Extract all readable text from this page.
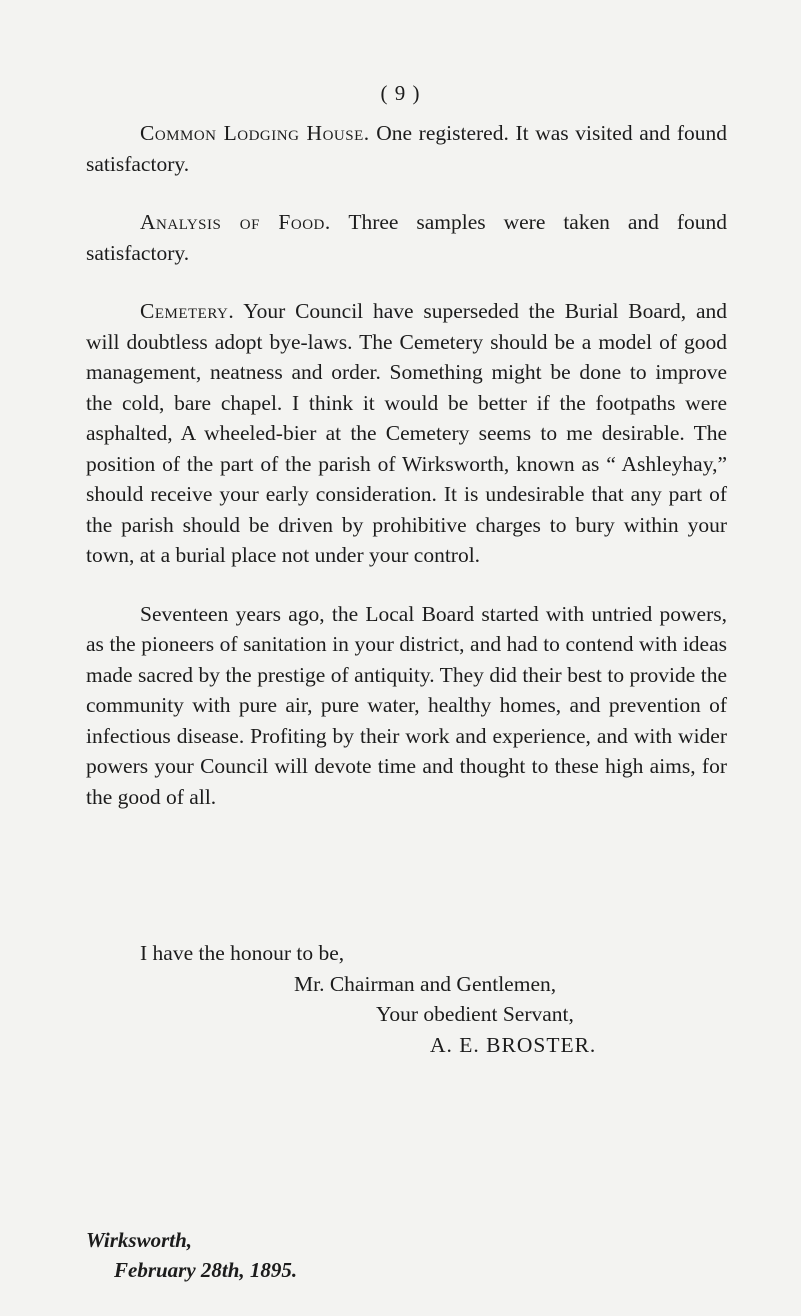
( 9 )

Common Lodging House. One registered. It was visited and found satisfactory.

Analysis of Food. Three samples were taken and found satisfactory.

Cemetery. Your Council have superseded the Burial Board, and will doubtless adopt bye-laws. The Cemetery should be a model of good management, neatness and order. Something might be done to improve the cold, bare chapel. I think it would be better if the footpaths were asphalted, A wheeled-bier at the Cemetery seems to me desirable. The position of the part of the parish of Wirksworth, known as “ Ashleyhay,” should receive your early consideration. It is undesirable that any part of the parish should be driven by prohibitive charges to bury within your town, at a burial place not under your control.

Seventeen years ago, the Local Board started with untried powers, as the pioneers of sanitation in your district, and had to contend with ideas made sacred by the prestige of antiquity. They did their best to provide the community with pure air, pure water, healthy homes, and prevention of infectious disease. Profiting by their work and experience, and with wider powers your Council will devote time and thought to these high aims, for the good of all.

I have the honour to be,
Mr. Chairman and Gentlemen,
Your obedient Servant,
A. E. BROSTER.
Wirksworth,
February 28th, 1895.
